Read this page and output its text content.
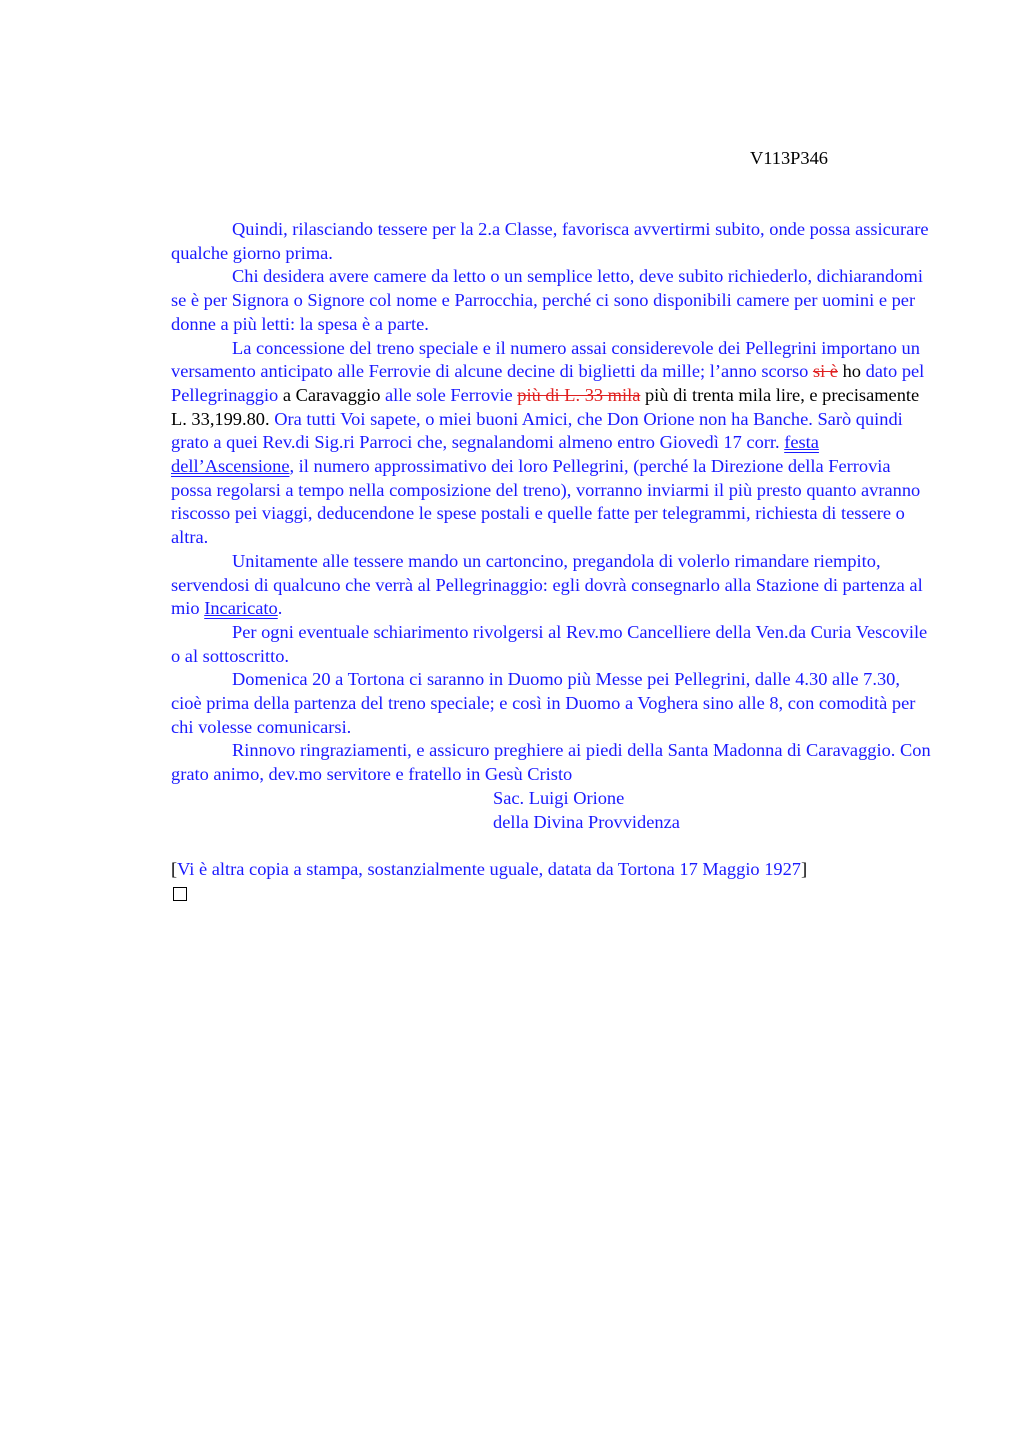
V113P346

Quindi, rilasciando tessere per la 2.a Classe, favorisca avvertirmi subito, onde possa assicurare qualche giorno prima.

Chi desidera avere camere da letto o un semplice letto, deve subito richiederlo, dichiarandomi se è per Signora o Signore col nome e Parrocchia, perché ci sono disponibili camere per uomini e per donne a più letti: la spesa è a parte.

La concessione del treno speciale e il numero assai considerevole dei Pellegrini importano un versamento anticipato alle Ferrovie di alcune decine di biglietti da mille; l’anno scorso si è ho dato pel Pellegrinaggio a Caravaggio alle sole Ferrovie più di L. 33 mila più di trenta mila lire, e precisamente L. 33,199.80. Ora tutti Voi sapete, o miei buoni Amici, che Don Orione non ha Banche. Sarò quindi grato a quei Rev.di Sig.ri Parroci che, segnalandomi almeno entro Giovedì 17 corr. festa dell’Ascensione, il numero approssimativo dei loro Pellegrini, (perché la Direzione della Ferrovia possa regolarsi a tempo nella composizione del treno), vorranno inviarmi il più presto quanto avranno riscosso pei viaggi, deducendone le spese postali e quelle fatte per telegrammi, richiesta di tessere o altra.

Unitamente alle tessere mando un cartoncino, pregandola di volerlo rimandare riempito, servendosi di qualcuno che verrà al Pellegrinaggio: egli dovrà consegnarlo alla Stazione di partenza al mio Incaricato.

Per ogni eventuale schiarimento rivolgersi al Rev.mo Cancelliere della Ven.da Curia Vescovile o al sottoscritto.

Domenica 20 a Tortona ci saranno in Duomo più Messe pei Pellegrini, dalle 4.30 alle 7.30, cioè prima della partenza del treno speciale; e così in Duomo a Voghera sino alle 8, con comodità per chi volesse comunicarsi.

Rinnovo ringraziamenti, e assicuro preghiere ai piedi della Santa Madonna di Caravaggio. Con grato animo, dev.mo servitore e fratello in Gesù Cristo

Sac. Luigi Orione

della Divina Provvidenza

[Vi è altra copia a stampa, sostanzialmente uguale, datata da Tortona 17 Maggio 1927]
